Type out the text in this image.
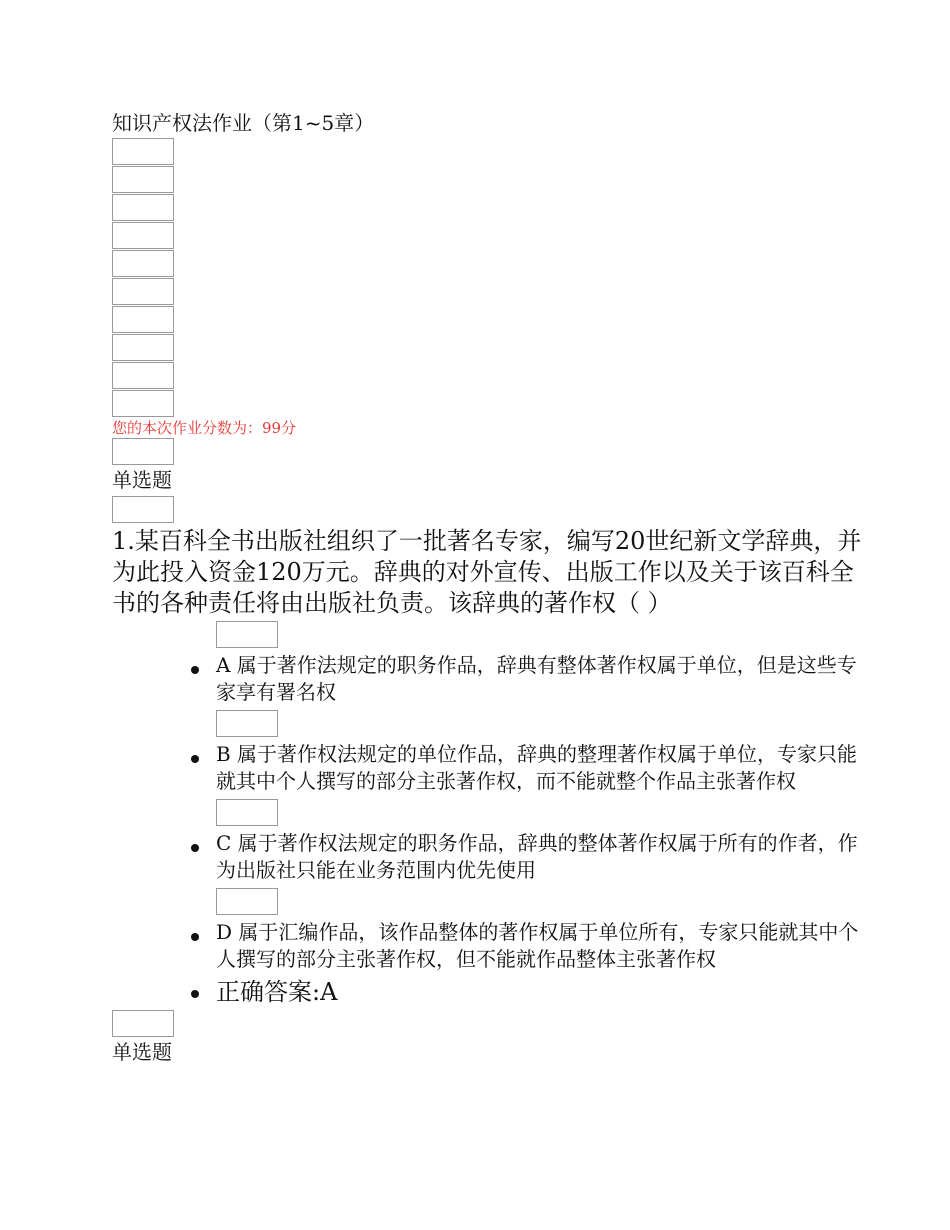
知识产权法作业（第1~5章）
您的本次作业分数为：99分
单选题
1.某百科全书出版社组织了一批著名专家，编写20世纪新文学辞典，并为此投入资金120万元。辞典的对外宣传、出版工作以及关于该百科全书的各种责任将由出版社负责。该辞典的著作权（ ）
A 属于著作法规定的职务作品，辞典有整体著作权属于单位，但是这些专家享有署名权
B 属于著作权法规定的单位作品，辞典的整理著作权属于单位，专家只能就其中个人撰写的部分主张著作权，而不能就整个作品主张著作权
C 属于著作权法规定的职务作品，辞典的整体著作权属于所有的作者，作为出版社只能在业务范围内优先使用
D 属于汇编作品，该作品整体的著作权属于单位所有，专家只能就其中个人撰写的部分主张著作权，但不能就作品整体主张著作权
正确答案:A
单选题
